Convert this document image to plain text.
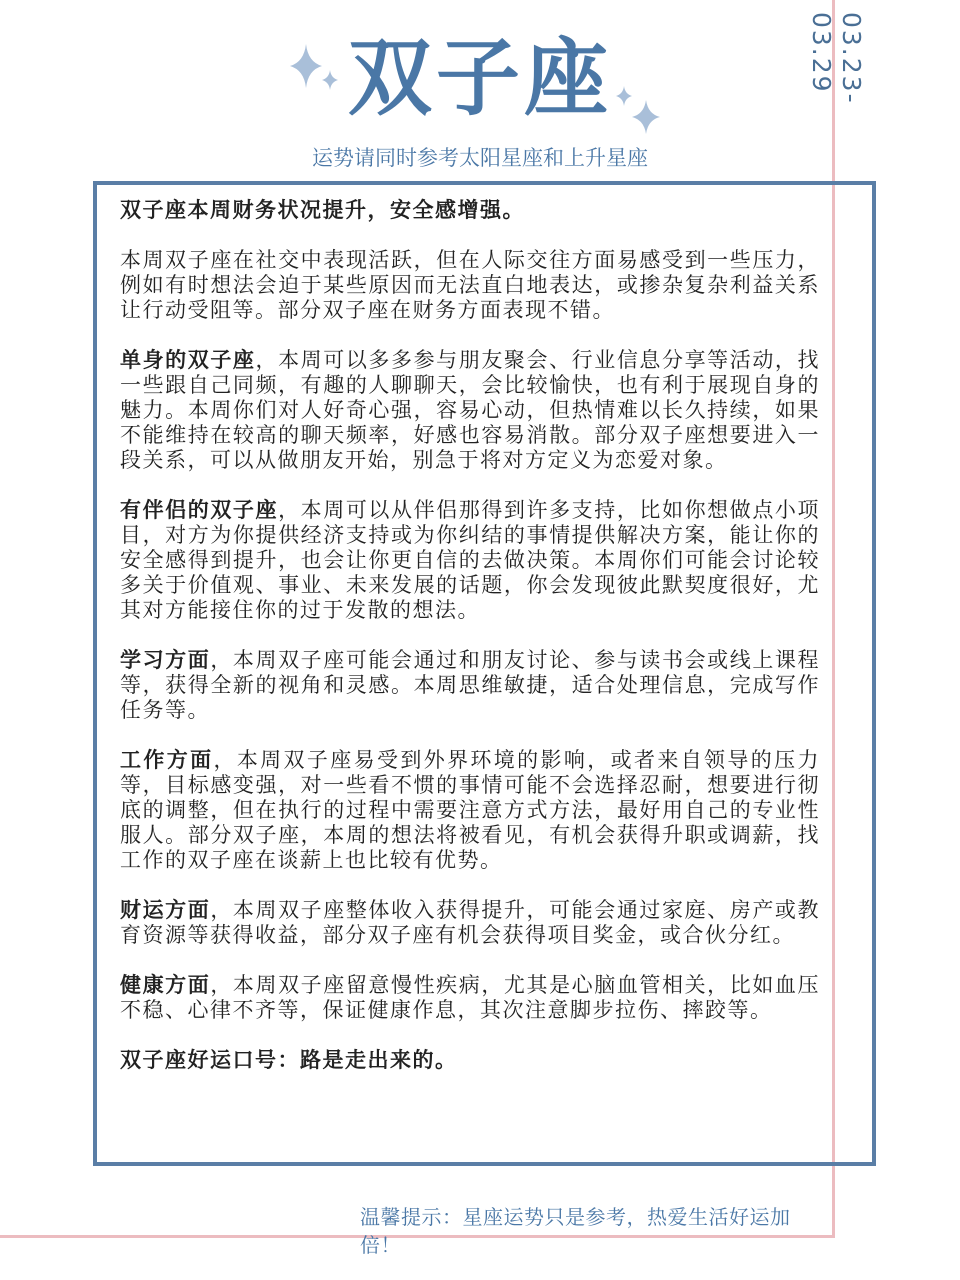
03.23-03.29
双子座
运势请同时参考太阳星座和上升星座

双子座本周财务状况提升，安全感增强。

本周双子座在社交中表现活跃，但在人际交往方面易感受到一些压力，例如有时想法会迫于某些原因而无法直白地表达，或掺杂复杂利益关系让行动受阻等。部分双子座在财务方面表现不错。

单身的双子座，本周可以多多参与朋友聚会、行业信息分享等活动，找一些跟自己同频，有趣的人聊聊天，会比较愉快，也有利于展现自身的魅力。本周你们对人好奇心强，容易心动，但热情难以长久持续，如果不能维持在较高的聊天频率，好感也容易消散。部分双子座想要进入一段关系，可以从做朋友开始，别急于将对方定义为恋爱对象。

有伴侣的双子座，本周可以从伴侣那得到许多支持，比如你想做点小项目，对方为你提供经济支持或为你纠结的事情提供解决方案，能让你的安全感得到提升，也会让你更自信的去做决策。本周你们可能会讨论较多关于价值观、事业、未来发展的话题，你会发现彼此默契度很好，尤其对方能接住你的过于发散的想法。

学习方面，本周双子座可能会通过和朋友讨论、参与读书会或线上课程等，获得全新的视角和灵感。本周思维敏捷，适合处理信息，完成写作任务等。

工作方面，本周双子座易受到外界环境的影响，或者来自领导的压力等，目标感变强，对一些看不惯的事情可能不会选择忍耐，想要进行彻底的调整，但在执行的过程中需要注意方式方法，最好用自己的专业性服人。部分双子座，本周的想法将被看见，有机会获得升职或调薪，找工作的双子座在谈薪上也比较有优势。

财运方面，本周双子座整体收入获得提升，可能会通过家庭、房产或教育资源等获得收益，部分双子座有机会获得项目奖金，或合伙分红。

健康方面，本周双子座留意慢性疾病，尤其是心脑血管相关，比如血压不稳、心律不齐等，保证健康作息，其次注意脚步拉伤、摔跤等。

双子座好运口号：路是走出来的。

温馨提示：星座运势只是参考，热爱生活好运加倍！
